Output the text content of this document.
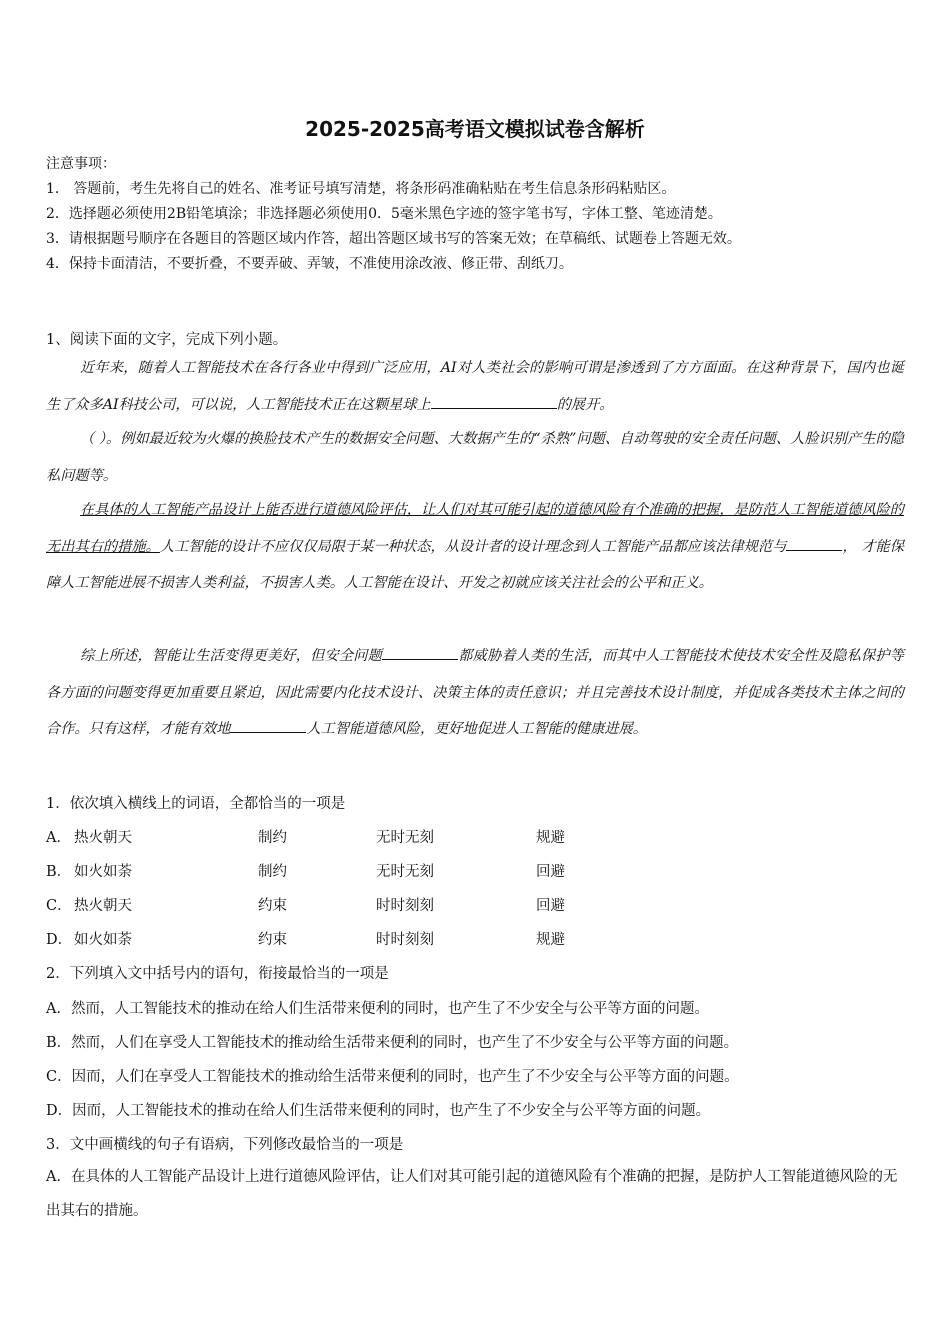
2025-2025高考语文模拟试卷含解析
注意事项：
1． 答题前，考生先将自己的姓名、准考证号填写清楚，将条形码准确粘贴在考生信息条形码粘贴区。
2．选择题必须使用2B铅笔填涂；非选择题必须使用0．5毫米黑色字迹的签字笔书写，字体工整、笔迹清楚。
3．请根据题号顺序在各题目的答题区域内作答，超出答题区域书写的答案无效；在草稿纸、试题卷上答题无效。
4．保持卡面清洁，不要折叠，不要弄破、弄皱，不准使用涂改液、修正带、刮纸刀。
1、阅读下面的文字，完成下列小题。
近年来，随着人工智能技术在各行各业中得到广泛应用，AI对人类社会的影响可谓是渗透到了方方面面。在这种背景下，国内也诞生了众多AI科技公司，可以说，人工智能技术正在这颗星球上	的展开。
（ ）。例如最近较为火爆的换脸技术产生的数据安全问题、大数据产生的“杀熟”问题、自动驾驶的安全责任问题、人脸识别产生的隐私问题等。
在具体的人工智能产品设计上能否进行道德风险评估，让人们对其可能引起的道德风险有个准确的把握，是防范人工智能道德风险的无出其右的措施。人工智能的设计不应仅仅局限于某一种状态，从设计者的设计理念到人工智能产品都应该法律规范与	， 才能保障人工智能进展不损害人类利益，不损害人类。人工智能在设计、开发之初就应该关注社会的公平和正义。
综上所述，智能让生活变得更美好，但安全问题	都威胁着人类的生活，而其中人工智能技术使技术安全性及隐私保护等各方面的问题变得更加重要且紧迫，因此需要内化技术设计、决策主体的责任意识；并且完善技术设计制度，并促成各类技术主体之间的合作。只有这样，才能有效地	人工智能道德风险，更好地促进人工智能的健康进展。
1．依次填入横线上的词语，全都恰当的一项是
A． 热火朝天	制约	无时无刻	规避
B． 如火如荼	制约	无时无刻	回避
C． 热火朝天	约束	时时刻刻	回避
D． 如火如荼	约束	时时刻刻	规避
2．下列填入文中括号内的语句，衔接最恰当的一项是
A．然而，人工智能技术的推动在给人们生活带来便利的同时，也产生了不少安全与公平等方面的问题。
B．然而，人们在享受人工智能技术的推动给生活带来便利的同时，也产生了不少安全与公平等方面的问题。
C．因而，人们在享受人工智能技术的推动给生活带来便利的同时，也产生了不少安全与公平等方面的问题。
D．因而，人工智能技术的推动在给人们生活带来便利的同时，也产生了不少安全与公平等方面的问题。
3．文中画横线的句子有语病，下列修改最恰当的一项是
A．在具体的人工智能产品设计上进行道德风险评估，让人们对其可能引起的道德风险有个准确的把握，是防护人工智能道德风险的无出其右的措施。
